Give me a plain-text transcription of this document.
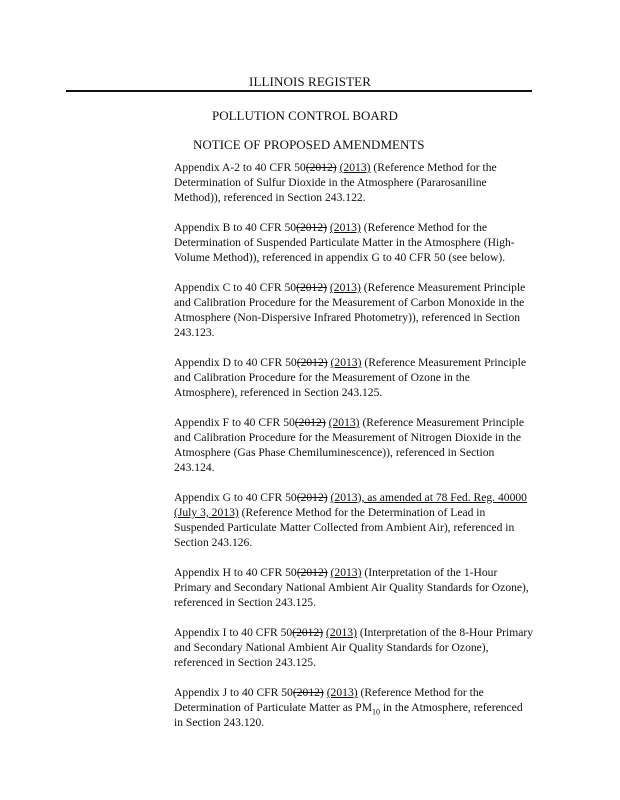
ILLINOIS REGISTER
POLLUTION CONTROL BOARD
NOTICE OF PROPOSED AMENDMENTS
Appendix A-2 to 40 CFR 50(2012) (2013) (Reference Method for the Determination of Sulfur Dioxide in the Atmosphere (Pararosaniline Method)), referenced in Section 243.122.
Appendix B to 40 CFR 50(2012) (2013) (Reference Method for the Determination of Suspended Particulate Matter in the Atmosphere (High-Volume Method)), referenced in appendix G to 40 CFR 50 (see below).
Appendix C to 40 CFR 50(2012) (2013) (Reference Measurement Principle and Calibration Procedure for the Measurement of Carbon Monoxide in the Atmosphere (Non-Dispersive Infrared Photometry)), referenced in Section 243.123.
Appendix D to 40 CFR 50(2012) (2013) (Reference Measurement Principle and Calibration Procedure for the Measurement of Ozone in the Atmosphere), referenced in Section 243.125.
Appendix F to 40 CFR 50(2012) (2013) (Reference Measurement Principle and Calibration Procedure for the Measurement of Nitrogen Dioxide in the Atmosphere (Gas Phase Chemiluminescence)), referenced in Section 243.124.
Appendix G to 40 CFR 50(2012) (2013), as amended at 78 Fed. Reg. 40000 (July 3, 2013) (Reference Method for the Determination of Lead in Suspended Particulate Matter Collected from Ambient Air), referenced in Section 243.126.
Appendix H to 40 CFR 50(2012) (2013) (Interpretation of the 1-Hour Primary and Secondary National Ambient Air Quality Standards for Ozone), referenced in Section 243.125.
Appendix I to 40 CFR 50(2012) (2013) (Interpretation of the 8-Hour Primary and Secondary National Ambient Air Quality Standards for Ozone), referenced in Section 243.125.
Appendix J to 40 CFR 50(2012) (2013) (Reference Method for the Determination of Particulate Matter as $PM_{10}$ in the Atmosphere, referenced in Section 243.120.
